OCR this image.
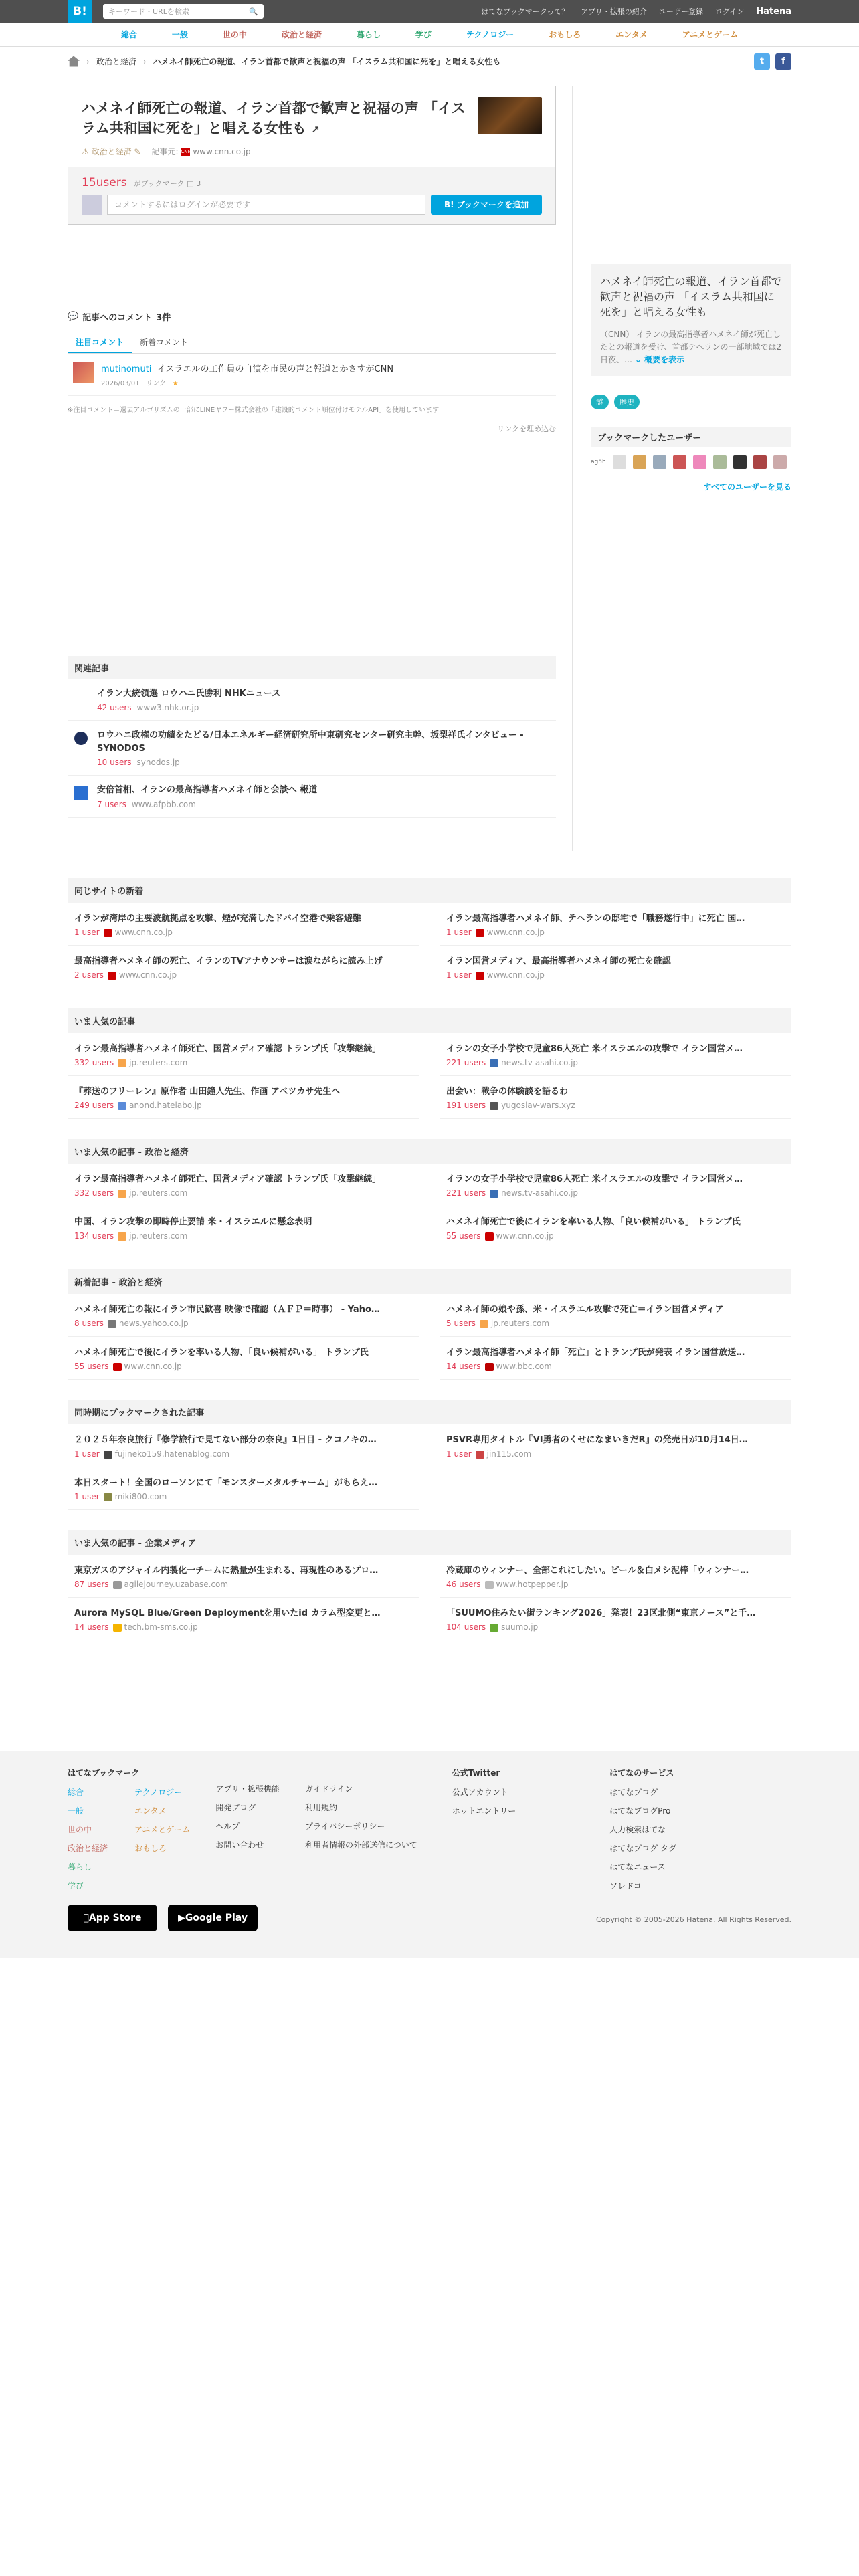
B!	キーワード・URLを検索	🔍	はてなブックマークって？ アプリ・拡張の紹介 ユーザー登録 ログイン Hatena
総合	一般	世の中	政治と経済	暮らし	学び	テクノロジー	おもしろ	エンタメ	アニメとゲーム
› 政治と経済 › ハメネイ師死亡の報道、イラン首都で歓声と祝福の声 「イスラム共和国に死を」と唱える女性も	t	f
ハメネイ師死亡の報道、イラン首都で歓声と祝福の声 「イスラム共和国に死を」と唱える女性も ↗
⚠︎ 政治と経済 ✎ 記事元: CNN www.cnn.co.jp
15users がブックマーク □ 3
コメントするにはログインが必要です	B! ブックマークを追加
💬 記事へのコメント 3件
注目コメント	新着コメント
mutinomuti イスラエルの工作員の自演を市民の声と報道とかさすがCNN
2026/03/01 リンク ★
※注目コメント＝過去アルゴリズムの一部にLINEヤフー株式会社の「建設的コメント順位付けモデルAPI」を使用しています
リンクを埋め込む
関連記事
イラン大統領選 ロウハニ氏勝利 NHKニュース
42 users www3.nhk.or.jp
ロウハニ政権の功績をたどる/日本エネルギー経済研究所中東研究センター研究主幹、坂梨祥氏インタビュー - SYNODOS
10 users synodos.jp
安倍首相、イランの最高指導者ハメネイ師と会談へ 報道
7 users www.afpbb.com
ハメネイ師死亡の報道、イラン首都で歓声と祝福の声 「イスラム共和国に死を」と唱える女性も
（CNN） イランの最高指導者ハメネイ師が死亡したとの報道を受け、首都テヘランの一部地域では2日夜、… ⌄ 概要を表示
謎	歴史
ブックマークしたユーザー
ag5h
すべてのユーザーを見る
同じサイトの新着
イランが湾岸の主要波航拠点を攻撃、煙が充満したドバイ空港で乗客避難
1 user www.cnn.co.jp
イラン最高指導者ハメネイ師、テヘランの邸宅で「職務遂行中」に死亡 国…
1 user www.cnn.co.jp
最高指導者ハメネイ師の死亡、イランのTVアナウンサーは涙ながらに読み上げ
2 users www.cnn.co.jp
イラン国営メディア、最高指導者ハメネイ師の死亡を確認
1 user www.cnn.co.jp
いま人気の記事
イラン最高指導者ハメネイ師死亡、国営メディア確認 トランプ氏「攻撃継続」
332 users jp.reuters.com
イランの女子小学校で児童86人死亡 米イスラエルの攻撃で イラン国営メ…
221 users news.tv-asahi.co.jp
『葬送のフリーレン』原作者 山田鐘人先生、作画 アベツカサ先生へ
249 users anond.hatelabo.jp
出会い：戦争の体験談を語るわ
191 users yugoslav-wars.xyz
いま人気の記事 - 政治と経済
イラン最高指導者ハメネイ師死亡、国営メディア確認 トランプ氏「攻撃継続」
332 users jp.reuters.com
イランの女子小学校で児童86人死亡 米イスラエルの攻撃で イラン国営メ…
221 users news.tv-asahi.co.jp
中国、イラン攻撃の即時停止要請 米・イスラエルに懸念表明
134 users jp.reuters.com
ハメネイ師死亡で後にイランを率いる人物、「良い候補がいる」 トランプ氏
55 users www.cnn.co.jp
新着記事 - 政治と経済
ハメネイ師死亡の報にイラン市民歓喜 映像で確認（ＡＦＰ＝時事） - Yaho…
8 users news.yahoo.co.jp
ハメネイ師の娘や孫、米・イスラエル攻撃で死亡＝イラン国営メディア
5 users jp.reuters.com
ハメネイ師死亡で後にイランを率いる人物、「良い候補がいる」 トランプ氏
55 users www.cnn.co.jp
イラン最高指導者ハメネイ師「死亡」とトランプ氏が発表 イラン国営放送…
14 users www.bbc.com
同時期にブックマークされた記事
２０２５年奈良旅行『修学旅行で見てない部分の奈良』1日目 - クコノキの…
1 user fujineko159.hatenablog.com
PSVR専用タイトル『VI勇者のくせになまいきだR』の発売日が10月14日…
1 user jin115.com
本日スタート！全国のローソンにて「モンスターメタルチャーム」がもらえ…
1 user miki800.com
いま人気の記事 - 企業メディア
東京ガスのアジャイル内製化一チームに熱量が生まれる、再現性のあるプロ…
87 users agilejourney.uzabase.com
冷蔵庫のウィンナー、全部これにしたい。ビール＆白メシ泥棒「ウィンナー…
46 users www.hotpepper.jp
Aurora MySQL Blue/Green Deploymentを用いたid カラム型変更と…
14 users tech.bm-sms.co.jp
「SUUMO住みたい街ランキング2026」発表！23区北側“東京ノース”と千…
104 users suumo.jp
はてなブックマーク
総合
一般
世の中
政治と経済
暮らし
学び
テクノロジー
エンタメ
アニメとゲーム
おもしろ
アプリ・拡張機能
開発ブログ
ヘルプ
お問い合わせ
ガイドライン
利用規約
プライバシーポリシー
利用者情報の外部送信について
公式Twitter
公式アカウント
ホットエントリー
はてなのサービス
はてなブログ
はてなブログPro
人力検索はてな
はてなブログ タグ
はてなニュース
ソレドコ
App Store	▶ Google Play	Copyright © 2005-2026 Hatena. All Rights Reserved.
